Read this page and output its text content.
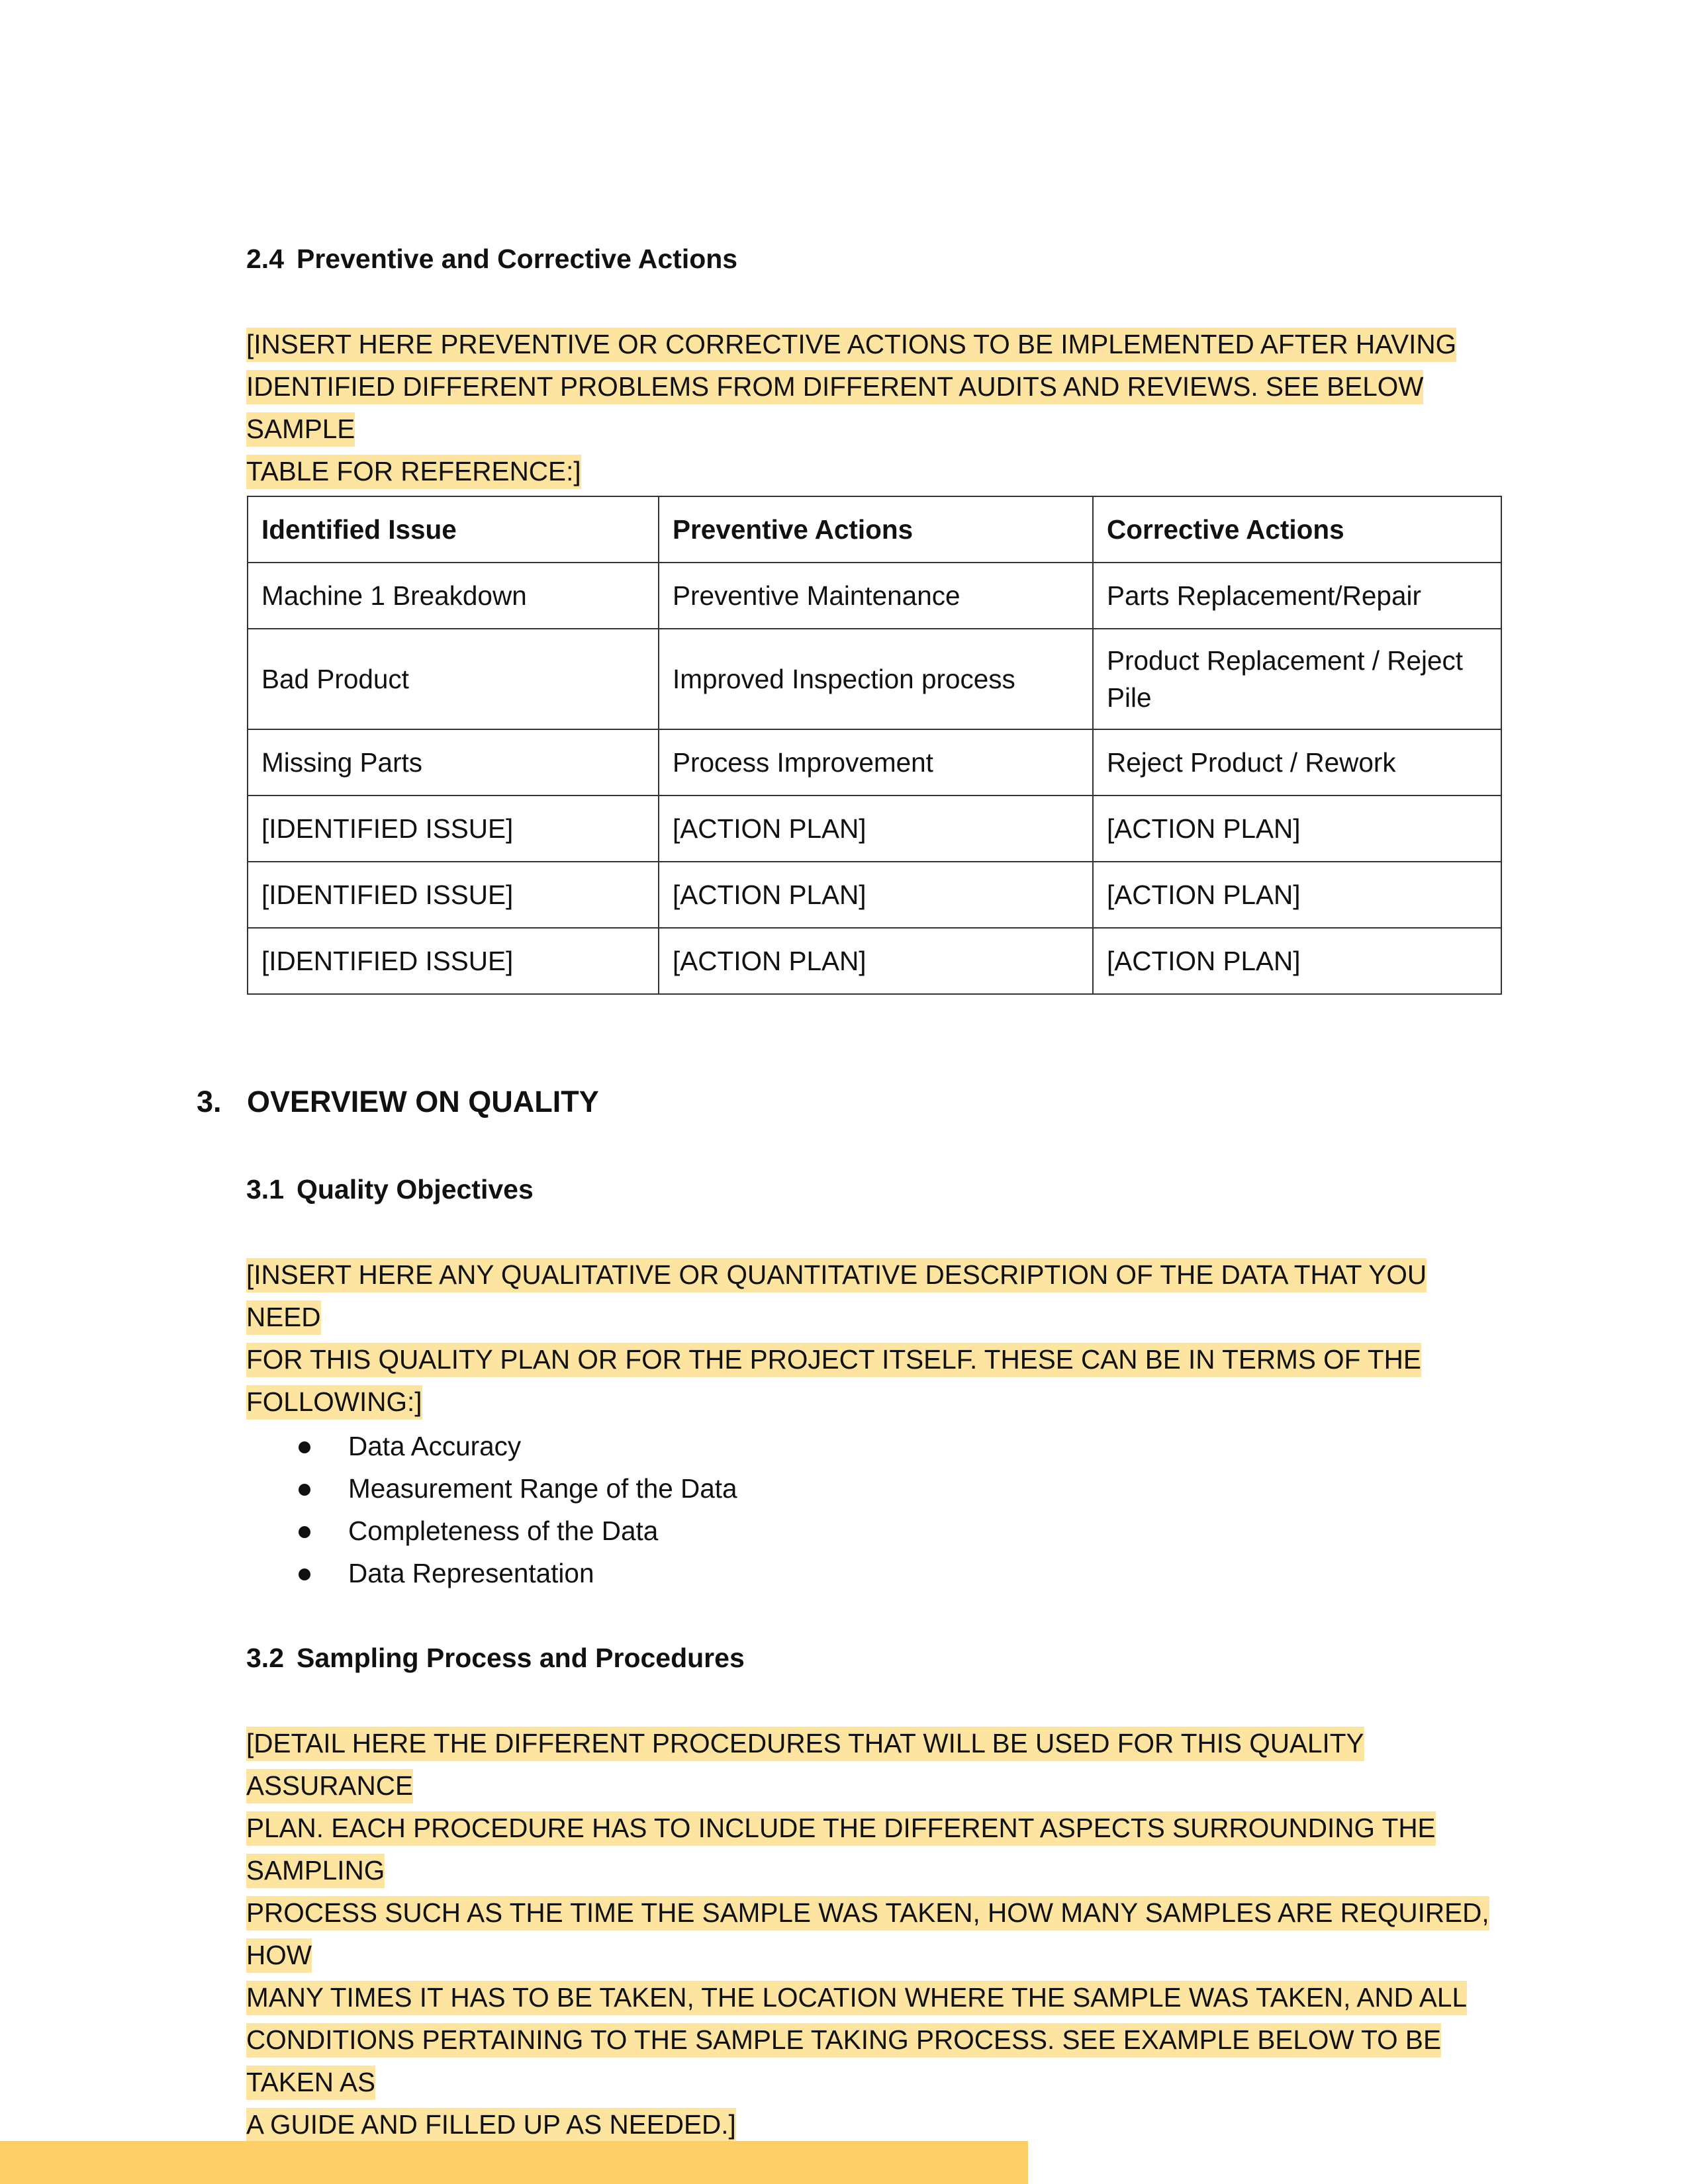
2.4 Preventive and Corrective Actions
[INSERT HERE PREVENTIVE OR CORRECTIVE ACTIONS TO BE IMPLEMENTED AFTER HAVING
IDENTIFIED DIFFERENT PROBLEMS FROM DIFFERENT AUDITS AND REVIEWS. SEE BELOW SAMPLE
TABLE FOR REFERENCE:]
Identified Issue	Preventive Actions	Corrective Actions
Machine 1 Breakdown	Preventive Maintenance	Parts Replacement/Repair
Bad Product	Improved Inspection process	Product Replacement / Reject Pile
Missing Parts	Process Improvement	Reject Product / Rework
[IDENTIFIED ISSUE]	[ACTION PLAN]	[ACTION PLAN]
[IDENTIFIED ISSUE]	[ACTION PLAN]	[ACTION PLAN]
[IDENTIFIED ISSUE]	[ACTION PLAN]	[ACTION PLAN]
3. OVERVIEW ON QUALITY
3.1 Quality Objectives
[INSERT HERE ANY QUALITATIVE OR QUANTITATIVE DESCRIPTION OF THE DATA THAT YOU NEED
FOR THIS QUALITY PLAN OR FOR THE PROJECT ITSELF. THESE CAN BE IN TERMS OF THE
FOLLOWING:]
Data Accuracy
Measurement Range of the Data
Completeness of the Data
Data Representation
3.2 Sampling Process and Procedures
[DETAIL HERE THE DIFFERENT PROCEDURES THAT WILL BE USED FOR THIS QUALITY ASSURANCE
PLAN. EACH PROCEDURE HAS TO INCLUDE THE DIFFERENT ASPECTS SURROUNDING THE SAMPLING
PROCESS SUCH AS THE TIME THE SAMPLE WAS TAKEN, HOW MANY SAMPLES ARE REQUIRED, HOW
MANY TIMES IT HAS TO BE TAKEN, THE LOCATION WHERE THE SAMPLE WAS TAKEN, AND ALL
CONDITIONS PERTAINING TO THE SAMPLE TAKING PROCESS. SEE EXAMPLE BELOW TO BE TAKEN AS
A GUIDE AND FILLED UP AS NEEDED.]
